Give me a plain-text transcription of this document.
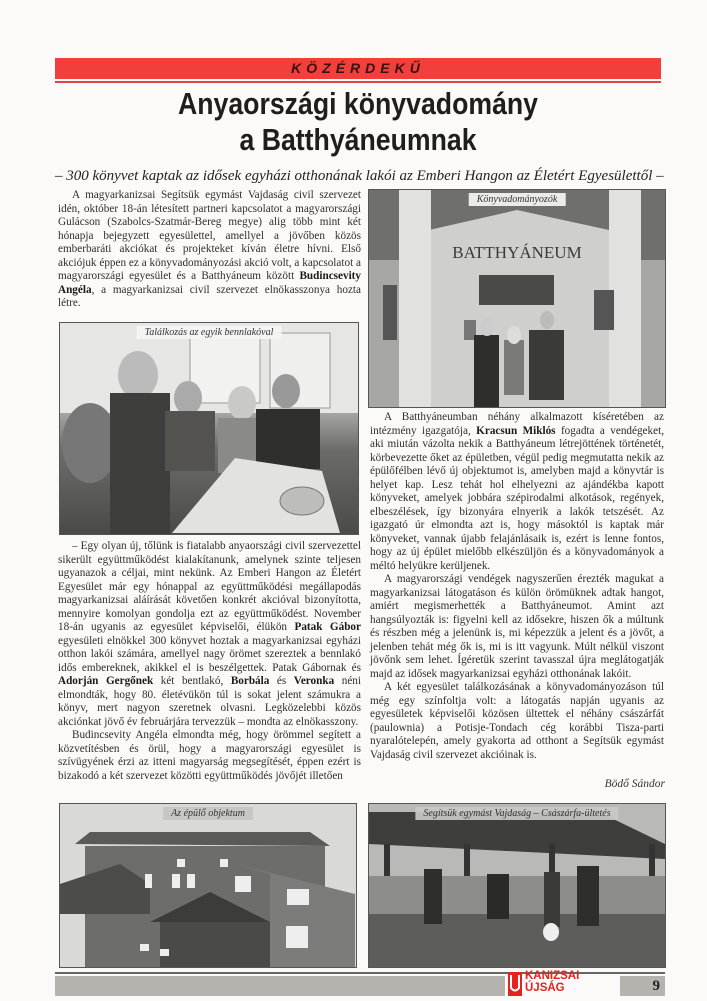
KÖZÉRDEKŰ
Anyaországi könyvadomány
a Batthyáneumnak
– 300 könyvet kaptak az idősek egyházi otthonának lakói az Emberi Hangon az Életért Egyesülettől –

A magyarkanizsai Segítsük egymást Vajdaság civil szervezet idén, október 18-án létesített partneri kapcsolatot a magyarországi Gulácson (Szabolcs-Szatmár-Bereg megye) alig több mint két hónapja bejegyzett egyesülettel, amellyel a jövőben közös emberbaráti akciókat és projekteket kíván életre hívni. Első akciójuk éppen ez a könyvadományozási akció volt, a kapcsolatot a magyarországi egyesület és a Batthyáneum között Budincsevity Angéla, a magyarkanizsai civil szervezet elnökasszonya hozta létre.

Találkozás az egyik bennlakóval

– Egy olyan új, tőlünk is fiatalabb anyaországi civil szervezettel sikerült együttműködést kialakítanunk, amelynek szinte teljesen ugyanazok a céljai, mint nekünk. Az Emberi Hangon az Életért Egyesület már egy hónappal az együttműködési megállapodás magyarkanizsai aláírását követően konkrét akcióval bizonyította, mennyire komolyan gondolja ezt az együttműködést. November 18-án ugyanis az egyesület képviselői, élükön Patak Gábor egyesületi elnökkel 300 könyvet hoztak a magyarkanizsai egyházi otthon lakói számára, amellyel nagy örömet szereztek a bennlakó idős embereknek, akikkel el is beszélgettek. Patak Gábornak és Adorján Gergőnek két bentlakó, Borbála és Veronka néni elmondták, hogy 80. életévükön túl is sokat jelent számukra a könyv, mert nagyon szeretnek olvasni. Legközelebbi közös akciónkat jövő év februárjára tervezzük – mondta az elnökasszony.

Budincsevity Angéla elmondta még, hogy örömmel segített a közvetítésben és örül, hogy a magyarországi egyesület is szívügyének érzi az itteni magyarság megsegítését, éppen ezért is bizakodó a két szervezet közötti együttműködés jövőjét illetően

BATTHYÁNEUM
Könyvadományozók

A Batthyáneumban néhány alkalmazott kíséretében az intézmény igazgatója, Kracsun Miklós fogadta a vendégeket, aki miután vázolta nekik a Batthyáneum létrejöttének történetét, körbevezette őket az épületben, végül pedig megmutatta nekik az épülőfélben lévő új objektumot is, amelyben majd a könyvtár is helyet kap. Lesz tehát hol elhelyezni az ajándékba kapott könyveket, amelyek jobbára szépirodalmi alkotások, regények, elbeszélések, így bizonyára elnyerik a lakók tetszését. Az igazgató úr elmondta azt is, hogy másoktól is kaptak már könyveket, vannak újabb felajánlásaik is, ezért is lenne fontos, hogy az új épület mielőbb elkészüljön és a könyvadományok a méltó helyükre kerüljenek.

A magyarországi vendégek nagyszerűen érezték magukat a magyarkanizsai látogatáson és külön örömüknek adtak hangot, amiért megismerhették a Batthyáneumot. Amint azt hangsúlyozták is: figyelni kell az idősekre, hiszen ők a múltunk és részben még a jelenünk is, mi képezzük a jelent és a jövőt, a jelenben tehát még ők is, mi is itt vagyunk. Múlt nélkül viszont jövőnk sem lehet. Ígéretük szerint tavasszal újra meglátogatják majd az idősek magyarkanizsai egyházi otthonának lakóit.

A két egyesület találkozásának a könyvadományozáson túl még egy színfoltja volt: a látogatás napján ugyanis az egyesületek képviselői közösen ültettek el néhány császárfát (paulownia) a Potisje-Tondach cég korábbi Tisza-parti nyaralótelepén, amely gyakorta ad otthont a Segítsük egymást Vajdaság civil szervezet akcióinak is.

Bödő Sándor
Az épülő objektum	Segítsük egymást Vajdaság – Császárfa-ültetés
KANIZSAI
ÚJSÁG	9
